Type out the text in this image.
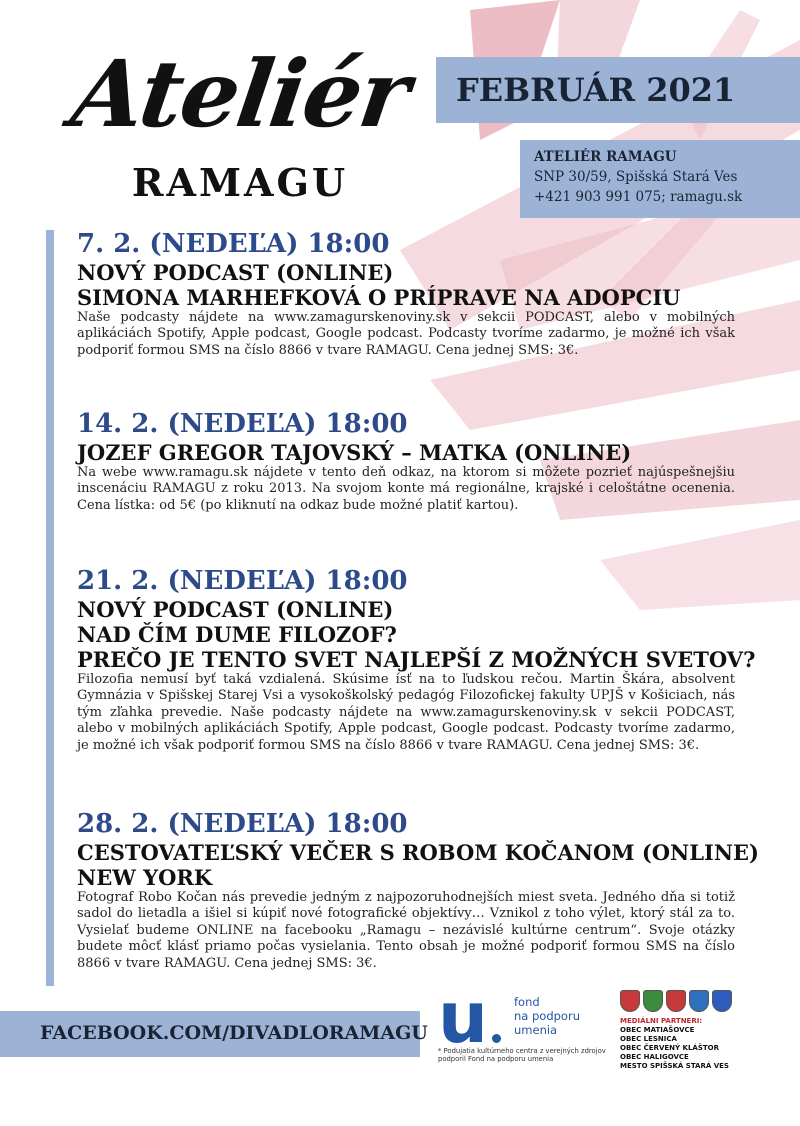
Ateliér
RAMAGU
FEBRUÁR 2021
ATELIÉR RAMAGU
SNP 30/59, Spišská Stará Ves
+421 903 991 075; ramagu.sk
7. 2. (NEDEĽA) 18:00
NOVÝ PODCAST (ONLINE)
SIMONA MARHEFKOVÁ O PRÍPRAVE NA ADOPCIU
Naše podcasty nájdete na www.zamagurskenoviny.sk v sekcii PODCAST, alebo v mobilných aplikáciách Spotify, Apple podcast, Google podcast. Podcasty tvoríme zadarmo, je možné ich však podporiť formou SMS na číslo 8866 v tvare RAMAGU. Cena jednej SMS: 3€.
14. 2. (NEDEĽA) 18:00
JOZEF GREGOR TAJOVSKÝ – MATKA (ONLINE)
Na webe www.ramagu.sk nájdete v tento deň odkaz, na ktorom si môžete pozrieť najúspešnejšiu inscenáciu RAMAGU z roku 2013. Na svojom konte má regionálne, krajské i celoštátne ocenenia. Cena lístka: od 5€ (po kliknutí na odkaz bude možné platiť kartou).
21. 2. (NEDEĽA) 18:00
NOVÝ PODCAST (ONLINE)
NAD ČÍM DUME FILOZOF?
PREČO JE TENTO SVET NAJLEPŠÍ Z MOŽNÝCH SVETOV?
Filozofia nemusí byť taká vzdialená. Skúsime ísť na to ľudskou rečou. Martin Škára, absolvent Gymnázia v Spišskej Starej Vsi a vysokoškolský pedagóg Filozofickej fakulty UPJŠ v Košiciach, nás tým zľahka prevedie. Naše podcasty nájdete na www.zamagurskenoviny.sk v sekcii PODCAST, alebo v mobilných aplikáciách Spotify, Apple podcast, Google podcast. Podcasty tvoríme zadarmo, je možné ich však podporiť formou SMS na číslo 8866 v tvare RAMAGU. Cena jednej SMS: 3€.
28. 2. (NEDEĽA) 18:00
CESTOVATEĽSKÝ VEČER S ROBOM KOČANOM (ONLINE)
NEW YORK
Fotograf Robo Kočan nás prevedie jedným z najpozoruhodnejších miest sveta. Jedného dňa si totiž sadol do lietadla a išiel si kúpiť nové fotografické objektívy… Vznikol z toho výlet, ktorý stál za to. Vysielať budeme ONLINE na facebooku „Ramagu – nezávislé kultúrne centrum“. Svoje otázky budete môcť klásť priamo počas vysielania. Tento obsah je možné podporiť formou SMS na číslo 8866 v tvare RAMAGU. Cena jednej SMS: 3€.
FACEBOOK.COM/DIVADLORAMAGU u	fond
na podporu
umenia
* Podujatia kultúrneho centra z verejných zdrojov podporil Fond na podporu umenia
MEDIÁLNI PARTNERI:
OBEC MATIAŠOVCE
OBEC LESNICA
OBEC ČERVENÝ KLÁŠTOR
OBEC HALIGOVCE
MESTO SPIŠSKÁ STARÁ VES
